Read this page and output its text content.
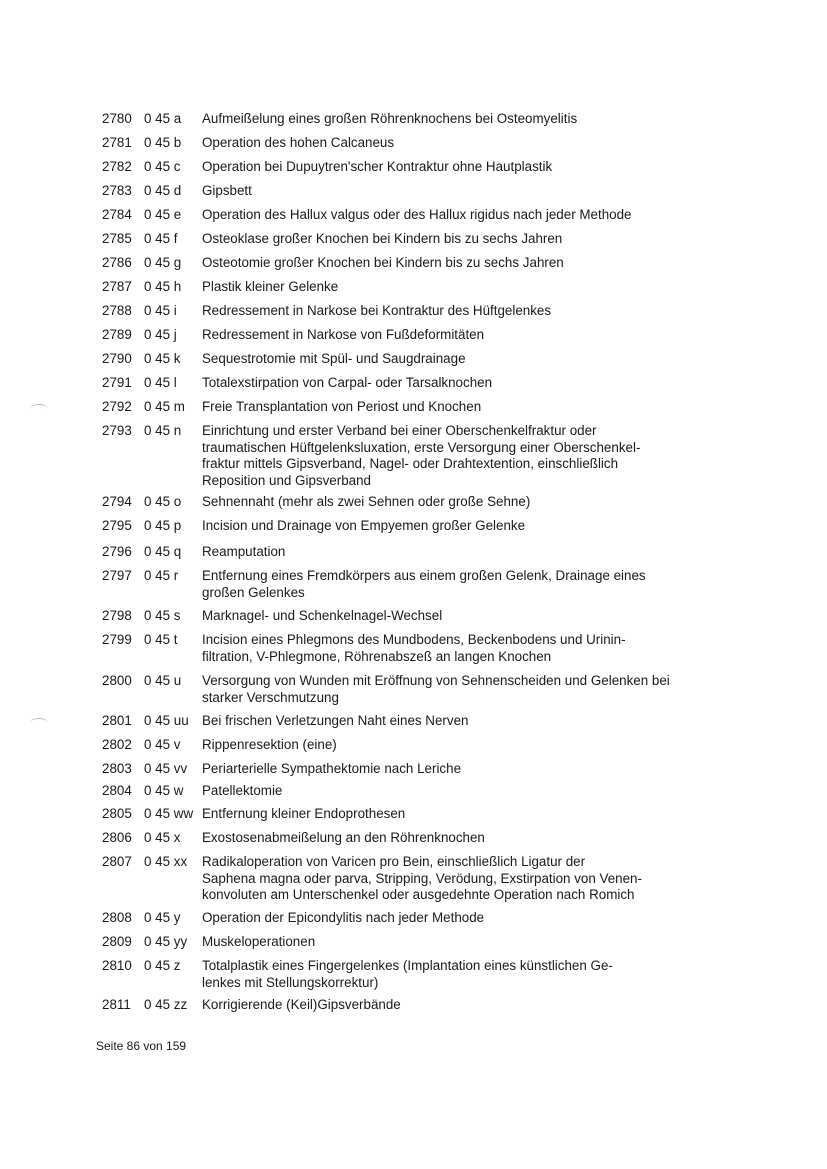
2780 0 45 a	Aufmeißelung eines großen Röhrenknochens bei Osteomyelitis
2781 0 45 b	Operation des hohen Calcaneus
2782 0 45 c	Operation bei Dupuytren'scher Kontraktur ohne Hautplastik
2783 0 45 d	Gipsbett
2784 0 45 e	Operation des Hallux valgus oder des Hallux rigidus nach jeder Methode
2785 0 45 f	Osteoklase großer Knochen bei Kindern bis zu sechs Jahren
2786 0 45 g	Osteotomie großer Knochen bei Kindern bis zu sechs Jahren
2787 0 45 h	Plastik kleiner Gelenke
2788 0 45 i	Redressement in Narkose bei Kontraktur des Hüftgelenkes
2789 0 45 j	Redressement in Narkose von Fußdeformitäten
2790 0 45 k	Sequestrotomie mit Spül- und Saugdrainage
2791 0 45 l	Totalexstirpation von Carpal- oder Tarsalknochen
2792 0 45 m	Freie Transplantation von Periost und Knochen
2793 0 45 n	Einrichtung und erster Verband bei einer Oberschenkelfraktur oder
traumatischen Hüftgelenksluxation, erste Versorgung einer Oberschenkel-
fraktur mittels Gipsverband, Nagel- oder Drahtextention, einschließlich
Reposition und Gipsverband
2794 0 45 o	Sehnennaht (mehr als zwei Sehnen oder große Sehne)
2795 0 45 p	Incision und Drainage von Empyemen großer Gelenke
2796 0 45 q	Reamputation
2797 0 45 r	Entfernung eines Fremdkörpers aus einem großen Gelenk, Drainage eines
großen Gelenkes
2798 0 45 s	Marknagel- und Schenkelnagel-Wechsel
2799 0 45 t	Incision eines Phlegmons des Mundbodens, Beckenbodens und Urinin-
filtration, V-Phlegmone, Röhrenabszeß an langen Knochen
2800 0 45 u	Versorgung von Wunden mit Eröffnung von Sehnenscheiden und Gelenken bei
starker Verschmutzung
2801 0 45 uu Bei frischen Verletzungen Naht eines Nerven
2802 0 45 v	Rippenresektion (eine)
2803 0 45 vv	Periarterielle Sympathektomie nach Leriche
2804 0 45 w	Patellektomie
2805 0 45 ww Entfernung kleiner Endoprothesen
2806 0 45 x	Exostosenabmeißelung an den Röhrenknochen
2807 0 45 xx	Radikaloperation von Varicen pro Bein, einschließlich Ligatur der
Saphena magna oder parva, Stripping, Verödung, Exstirpation von Venen-
konvoluten am Unterschenkel oder ausgedehnte Operation nach Romich
2808 0 45 y	Operation der Epicondylitis nach jeder Methode
2809 0 45 yy	Muskeloperationen
2810 0 45 z	Totalplastik eines Fingergelenkes (Implantation eines künstlichen Ge-
lenkes mit Stellungskorrektur)
2811 0 45 zz	Korrigierende (Keil)Gipsverbände
Seite 86 von 159
